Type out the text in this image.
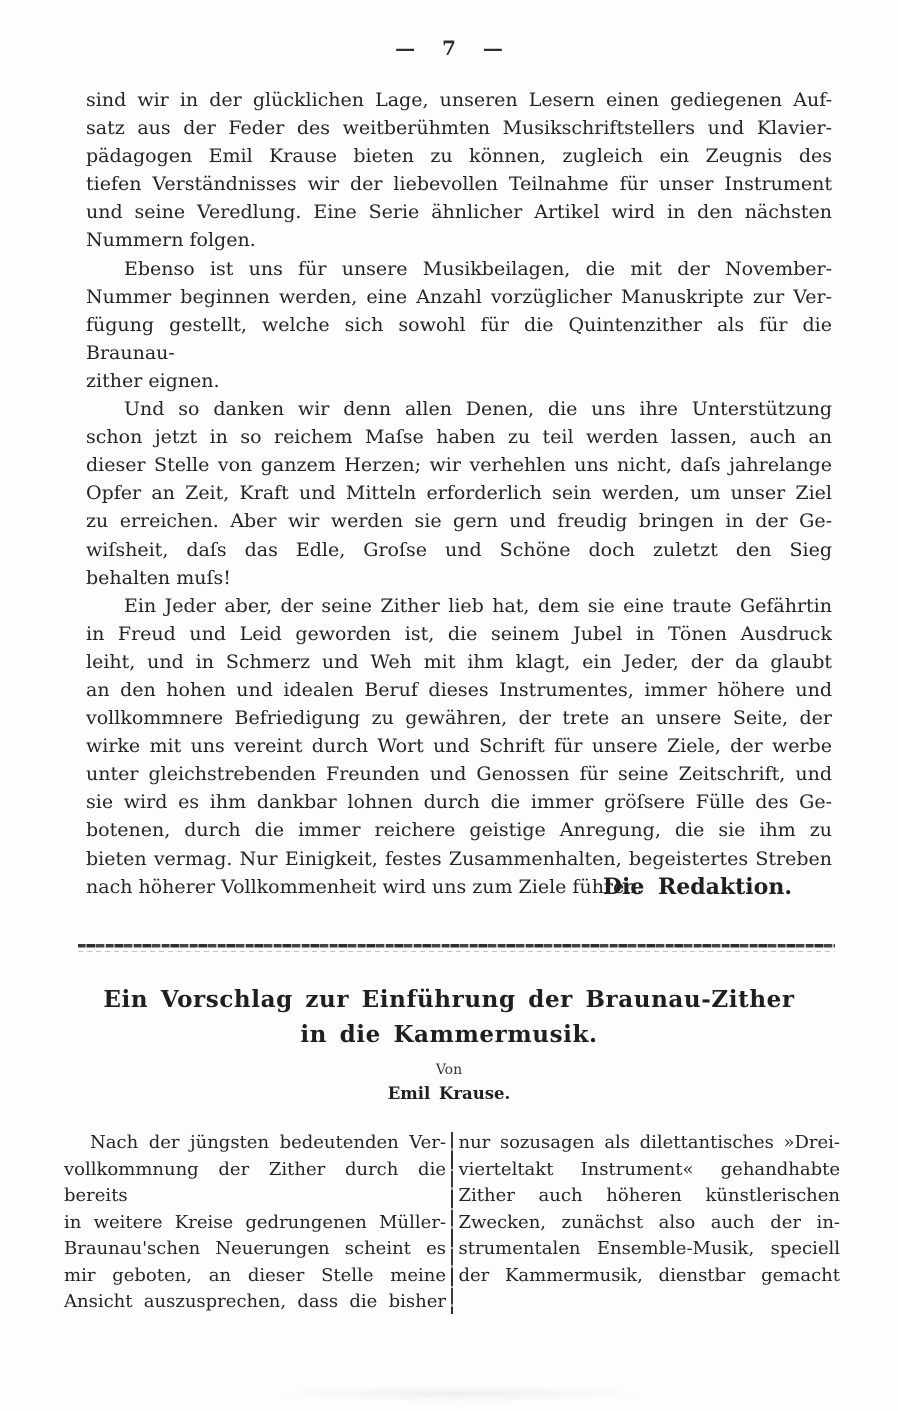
— 7 —
sind wir in der glücklichen Lage, unseren Lesern einen gediegenen Auf-
satz aus der Feder des weitberühmten Musikschriftstellers und Klavier-
pädagogen Emil Krause bieten zu können, zugleich ein Zeugnis des
tiefen Verständnisses wir der liebevollen Teilnahme für unser Instrument
und seine Veredlung. Eine Serie ähnlicher Artikel wird in den nächsten
Nummern folgen.
Ebenso ist uns für unsere Musikbeilagen, die mit der November-
Nummer beginnen werden, eine Anzahl vorzüglicher Manuskripte zur Ver-
fügung gestellt, welche sich sowohl für die Quintenzither als für die Braunau-
zither eignen.
Und so danken wir denn allen Denen, die uns ihre Unterstützung
schon jetzt in so reichem Maſse haben zu teil werden lassen, auch an
dieser Stelle von ganzem Herzen; wir verhehlen uns nicht, daſs jahrelange
Opfer an Zeit, Kraft und Mitteln erforderlich sein werden, um unser Ziel
zu erreichen. Aber wir werden sie gern und freudig bringen in der Ge-
wiſsheit, daſs das Edle, Groſse und Schöne doch zuletzt den Sieg
behalten muſs!
Ein Jeder aber, der seine Zither lieb hat, dem sie eine traute Gefährtin
in Freud und Leid geworden ist, die seinem Jubel in Tönen Ausdruck
leiht, und in Schmerz und Weh mit ihm klagt, ein Jeder, der da glaubt
an den hohen und idealen Beruf dieses Instrumentes, immer höhere und
vollkommnere Befriedigung zu gewähren, der trete an unsere Seite, der
wirke mit uns vereint durch Wort und Schrift für unsere Ziele, der werbe
unter gleichstrebenden Freunden und Genossen für seine Zeitschrift, und
sie wird es ihm dankbar lohnen durch die immer gröſsere Fülle des Ge-
botenen, durch die immer reichere geistige Anregung, die sie ihm zu
bieten vermag. Nur Einigkeit, festes Zusammenhalten, begeistertes Streben
nach höherer Vollkommenheit wird uns zum Ziele führen.
Die Redaktion.
Ein Vorschlag zur Einführung der Braunau-Zither
in die Kammermusik.
Von
Emil Krause.
Nach der jüngsten bedeutenden Ver-
vollkommnung der Zither durch die bereits
in weitere Kreise gedrungenen Müller-
Braunau'schen Neuerungen scheint es
mir geboten, an dieser Stelle meine
Ansicht auszusprechen, dass die bisher
nur sozusagen als dilettantisches »Drei-
vierteltakt Instrument« gehandhabte
Zither auch höheren künstlerischen
Zwecken, zunächst also auch der in-
strumentalen Ensemble-Musik, speciell
der Kammermusik, dienstbar gemacht
